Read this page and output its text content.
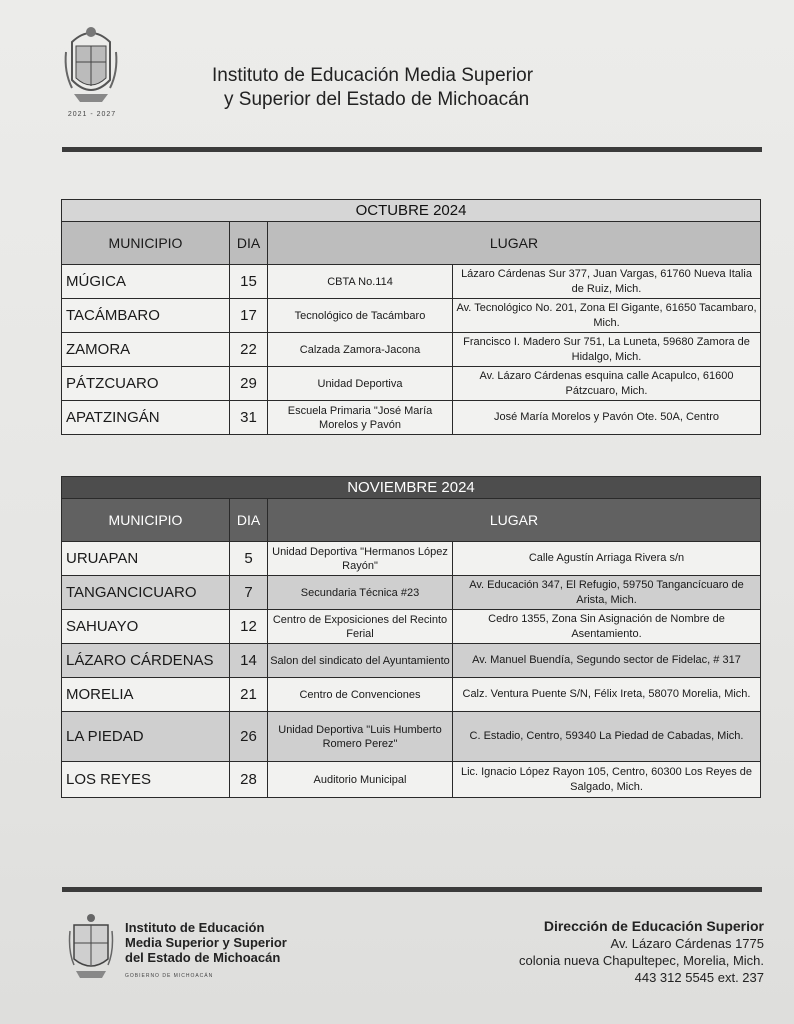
2021 - 2027
Instituto de Educación Media Superior
y Superior del Estado de Michoacán
OCTUBRE 2024			
MUNICIPIO	DIA	LUGAR	
MÚGICA	15	CBTA No.114	Lázaro Cárdenas Sur 377, Juan Vargas, 61760 Nueva Italia de Ruiz, Mich.
TACÁMBARO	17	Tecnológico de Tacámbaro	Av. Tecnológico No. 201, Zona El Gigante, 61650 Tacambaro, Mich.
ZAMORA	22	Calzada Zamora-Jacona	Francisco I. Madero Sur 751, La Luneta, 59680 Zamora de Hidalgo, Mich.
PÁTZCUARO	29	Unidad Deportiva	Av. Lázaro Cárdenas esquina calle Acapulco, 61600 Pátzcuaro, Mich.
APATZINGÁN	31	Escuela Primaria "José María Morelos y Pavón	José María Morelos y Pavón Ote. 50A, Centro
NOVIEMBRE 2024			
MUNICIPIO	DIA	LUGAR	
URUAPAN	5	Unidad Deportiva "Hermanos López Rayón"	Calle Agustín Arriaga Rivera s/n
TANGANCICUARO	7	Secundaria Técnica #23	Av. Educación 347, El Refugio, 59750 Tangancícuaro de Arista, Mich.
SAHUAYO	12	Centro de Exposiciones del Recinto Ferial	Cedro 1355, Zona Sin Asignación de Nombre de Asentamiento.
LÁZARO CÁRDENAS	14	Salon del sindicato del Ayuntamiento	Av. Manuel Buendía, Segundo sector de Fidelac, # 317
MORELIA	21	Centro de Convenciones	Calz. Ventura Puente S/N, Félix Ireta, 58070 Morelia, Mich.
LA PIEDAD	26	Unidad Deportiva "Luis Humberto Romero Perez"	C. Estadio, Centro, 59340 La Piedad de Cabadas, Mich.
LOS REYES	28	Auditorio Municipal	Lic. Ignacio López Rayon 105, Centro, 60300 Los Reyes de Salgado, Mich.
Instituto de Educación
Media Superior y Superior
del Estado de Michoacán
GOBIERNO DE MICHOACÁN
Dirección de Educación Superior
Av. Lázaro Cárdenas 1775
colonia nueva Chapultepec, Morelia, Mich.
443 312 5545 ext. 237
